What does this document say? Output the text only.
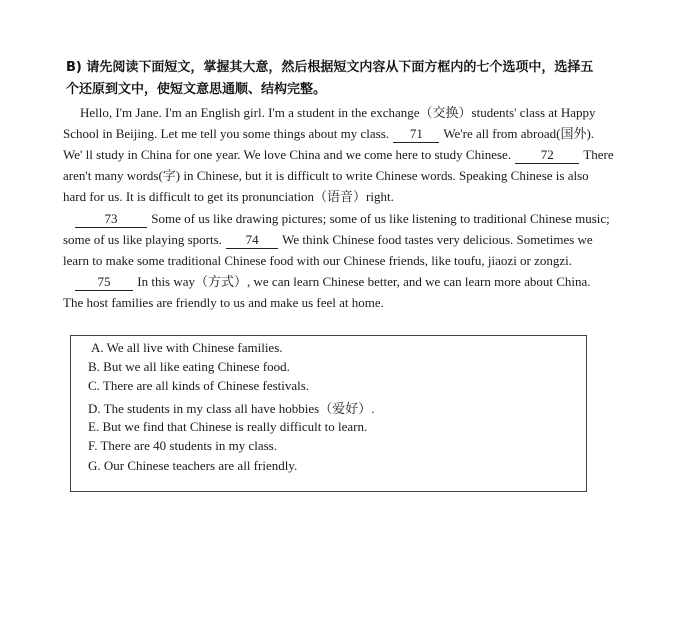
B) 请先阅读下面短文，掌握其大意，然后根据短文内容从下面方框内的七个选项中，选择五
个还原到文中，使短文意思通顺、结构完整。
Hello, I'm Jane. I'm an English girl. I'm a student in the exchange（交换）students' class at Happy
School in Beijing. Let me tell you some things about my class. 71 We're all from abroad(国外).
We' ll study in China for one year. We love China and we come here to study Chinese. 72 There
aren't many words(字) in Chinese, but it is difficult to write Chinese words. Speaking Chinese is also
hard for us. It is difficult to get its pronunciation（语音）right.
73	Some of us like drawing pictures; some of us like listening to traditional Chinese music;
some of us like playing sports. 74 We think Chinese food tastes very delicious. Sometimes we
learn to make some traditional Chinese food with our Chinese friends, like toufu, jiaozi or zongzi.
75 In this way（方式）, we can learn Chinese better, and we can learn more about China.
The host families are friendly to us and make us feel at home.
A. We all live with Chinese families.
B. But we all like eating Chinese food.
C. There are all kinds of Chinese festivals.
D. The students in my class all have hobbies（爱好）.
E. But we find that Chinese is really difficult to learn.
F. There are 40 students in my class.
G. Our Chinese teachers are all friendly.
